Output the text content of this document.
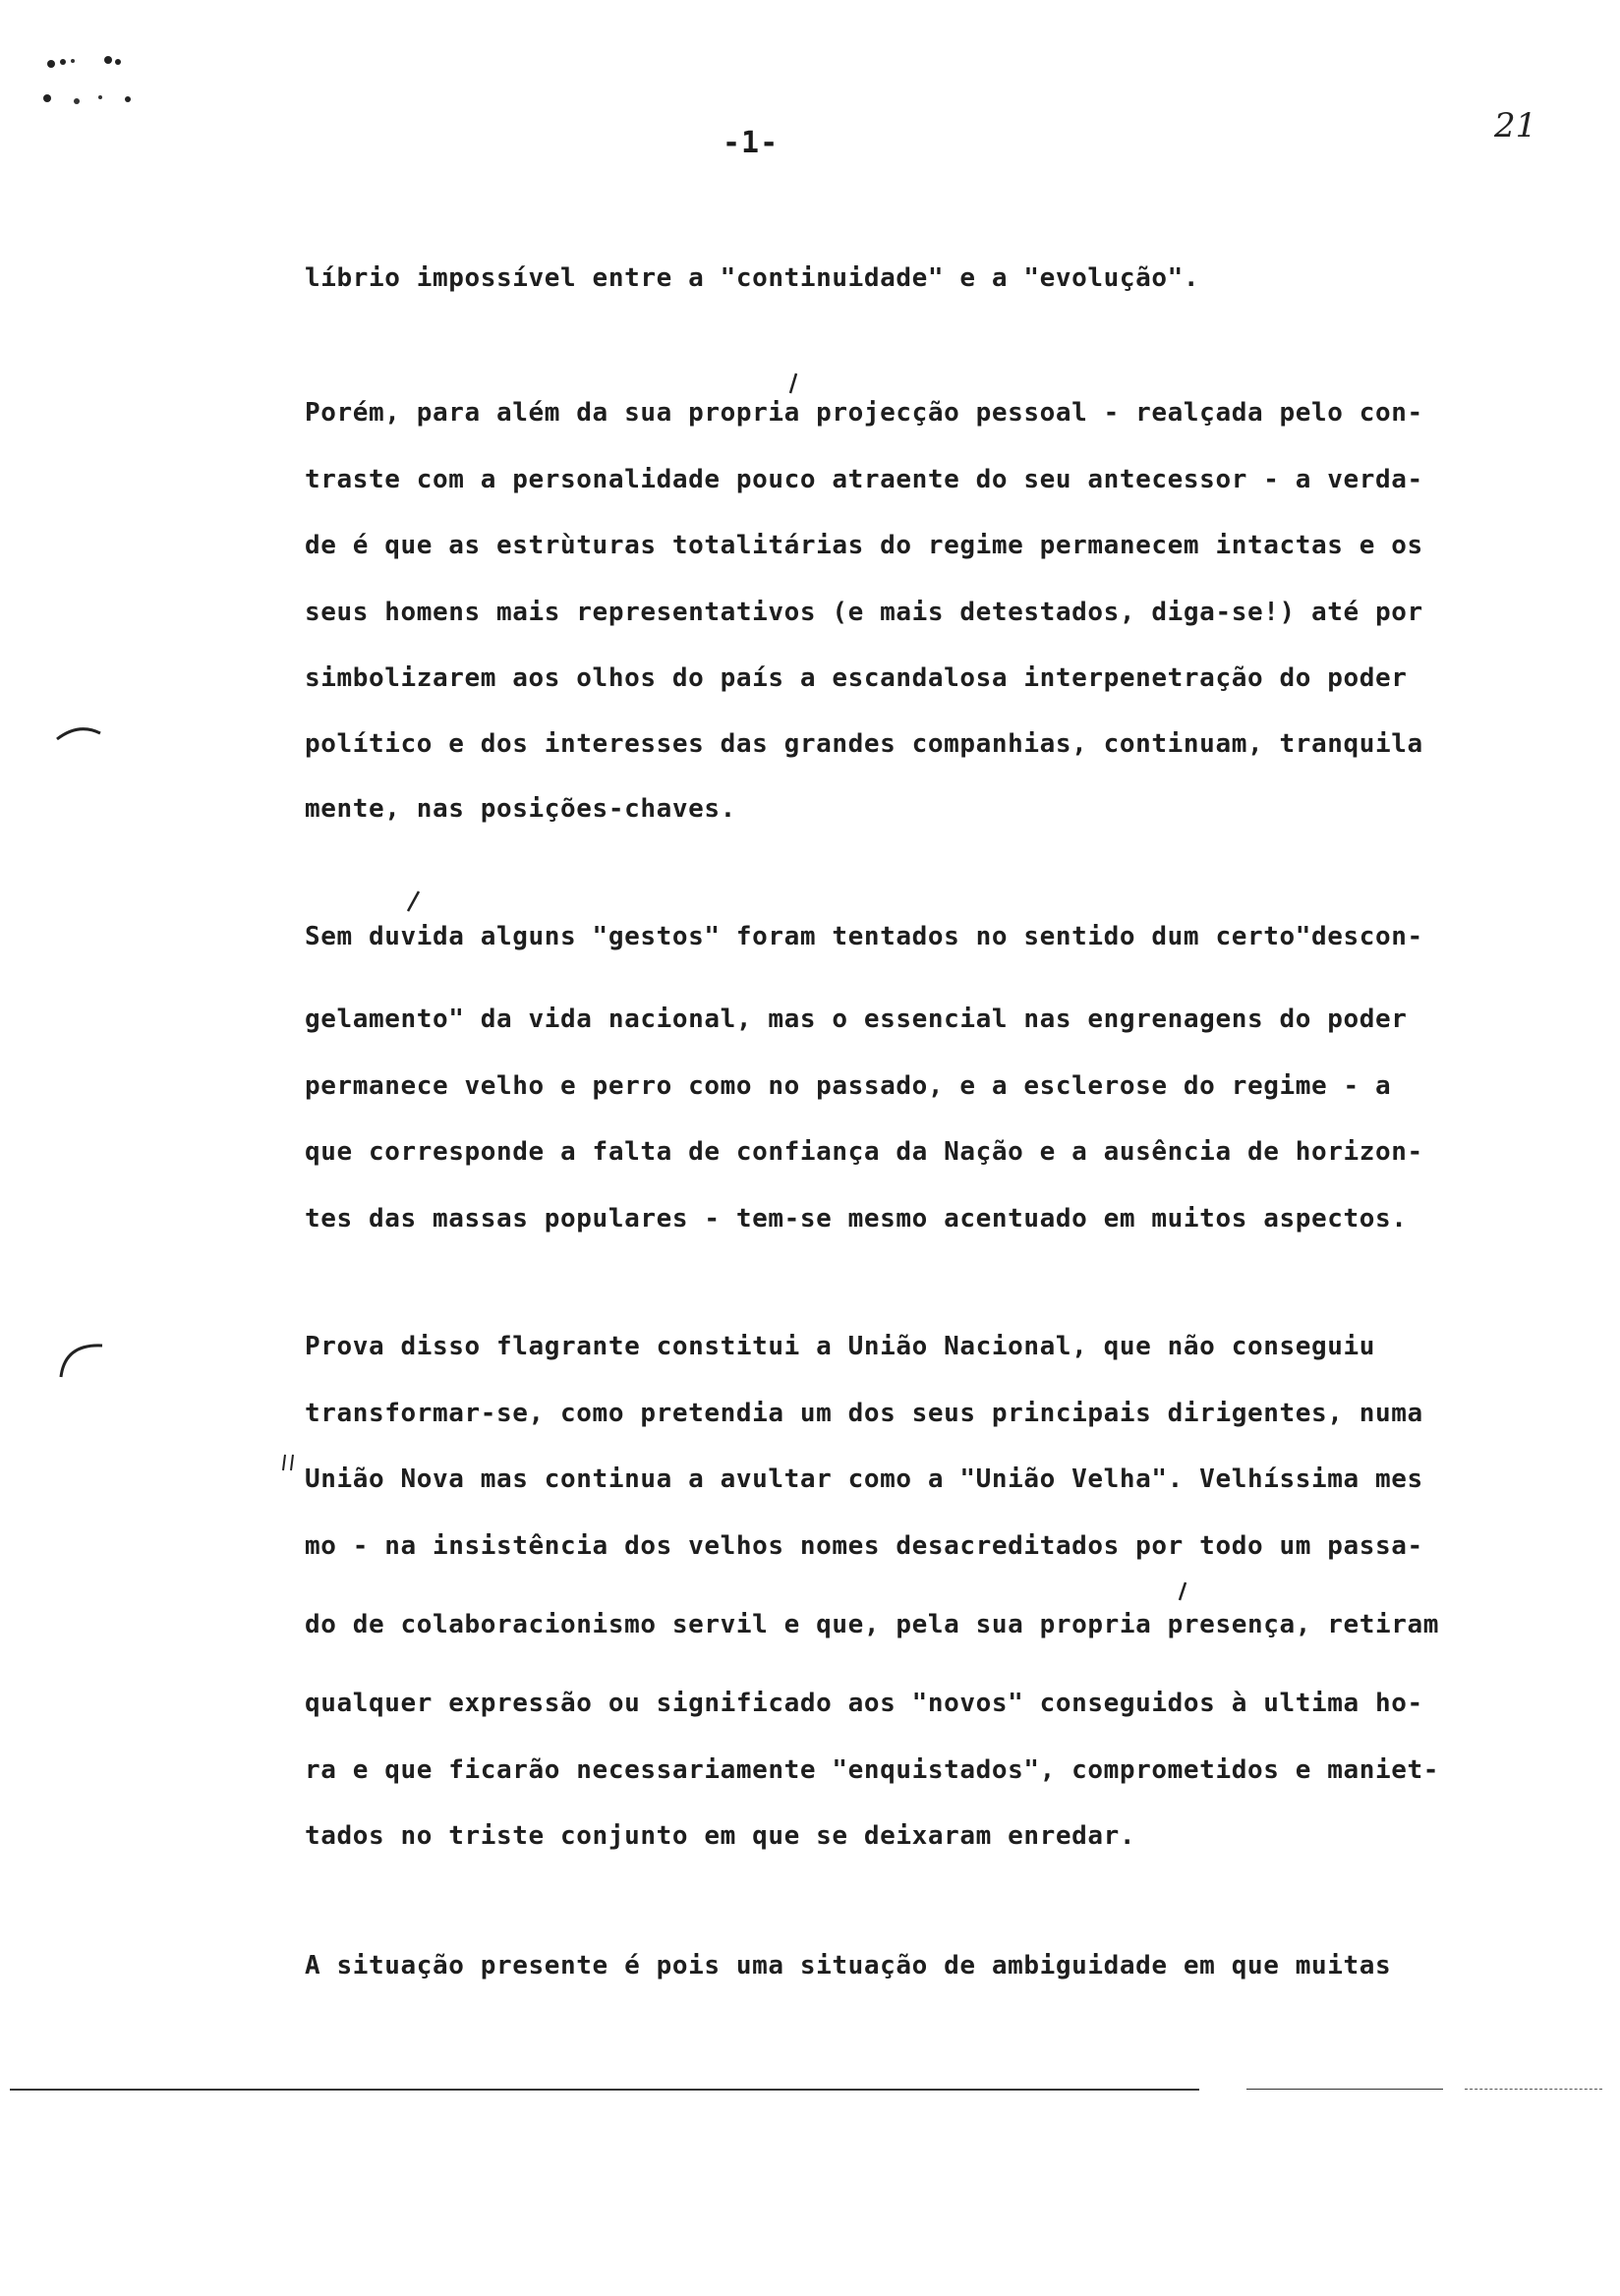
-1-	21
líbrio impossível entre a "continuidade" e a "evolução".
Porém, para além da sua propria projecção pessoal - realçada pelo con-
traste com a personalidade pouco atraente do seu antecessor - a verda-
de é que as estrùturas totalitárias do regime permanecem intactas e os
seus homens mais representativos (e mais detestados, diga-se!) até por
simbolizarem aos olhos do país a escandalosa interpenetração do poder
político e dos interesses das grandes companhias, continuam, tranquila
mente, nas posições-chaves.
Sem duvida alguns "gestos" foram tentados no sentido dum certo"descon-
gelamento" da vida nacional, mas o essencial nas engrenagens do poder
permanece velho e perro como no passado, e a esclerose do regime - a
que corresponde a falta de confiança da Nação e a ausência de horizon-
tes das massas populares - tem-se mesmo acentuado em muitos aspectos.
Prova disso flagrante constitui a União Nacional, que não conseguiu
transformar-se, como pretendia um dos seus principais dirigentes, numa
União Nova mas continua a avultar como a "União Velha". Velhíssima mes
mo - na insistência dos velhos nomes desacreditados por todo um passa-
do de colaboracionismo servil e que, pela sua propria presença, retiram
qualquer expressão ou significado aos "novos" conseguidos à ultima ho-
ra e que ficarão necessariamente "enquistados", comprometidos e maniet-
tados no triste conjunto em que se deixaram enredar.
A situação presente é pois uma situação de ambiguidade em que muitas
